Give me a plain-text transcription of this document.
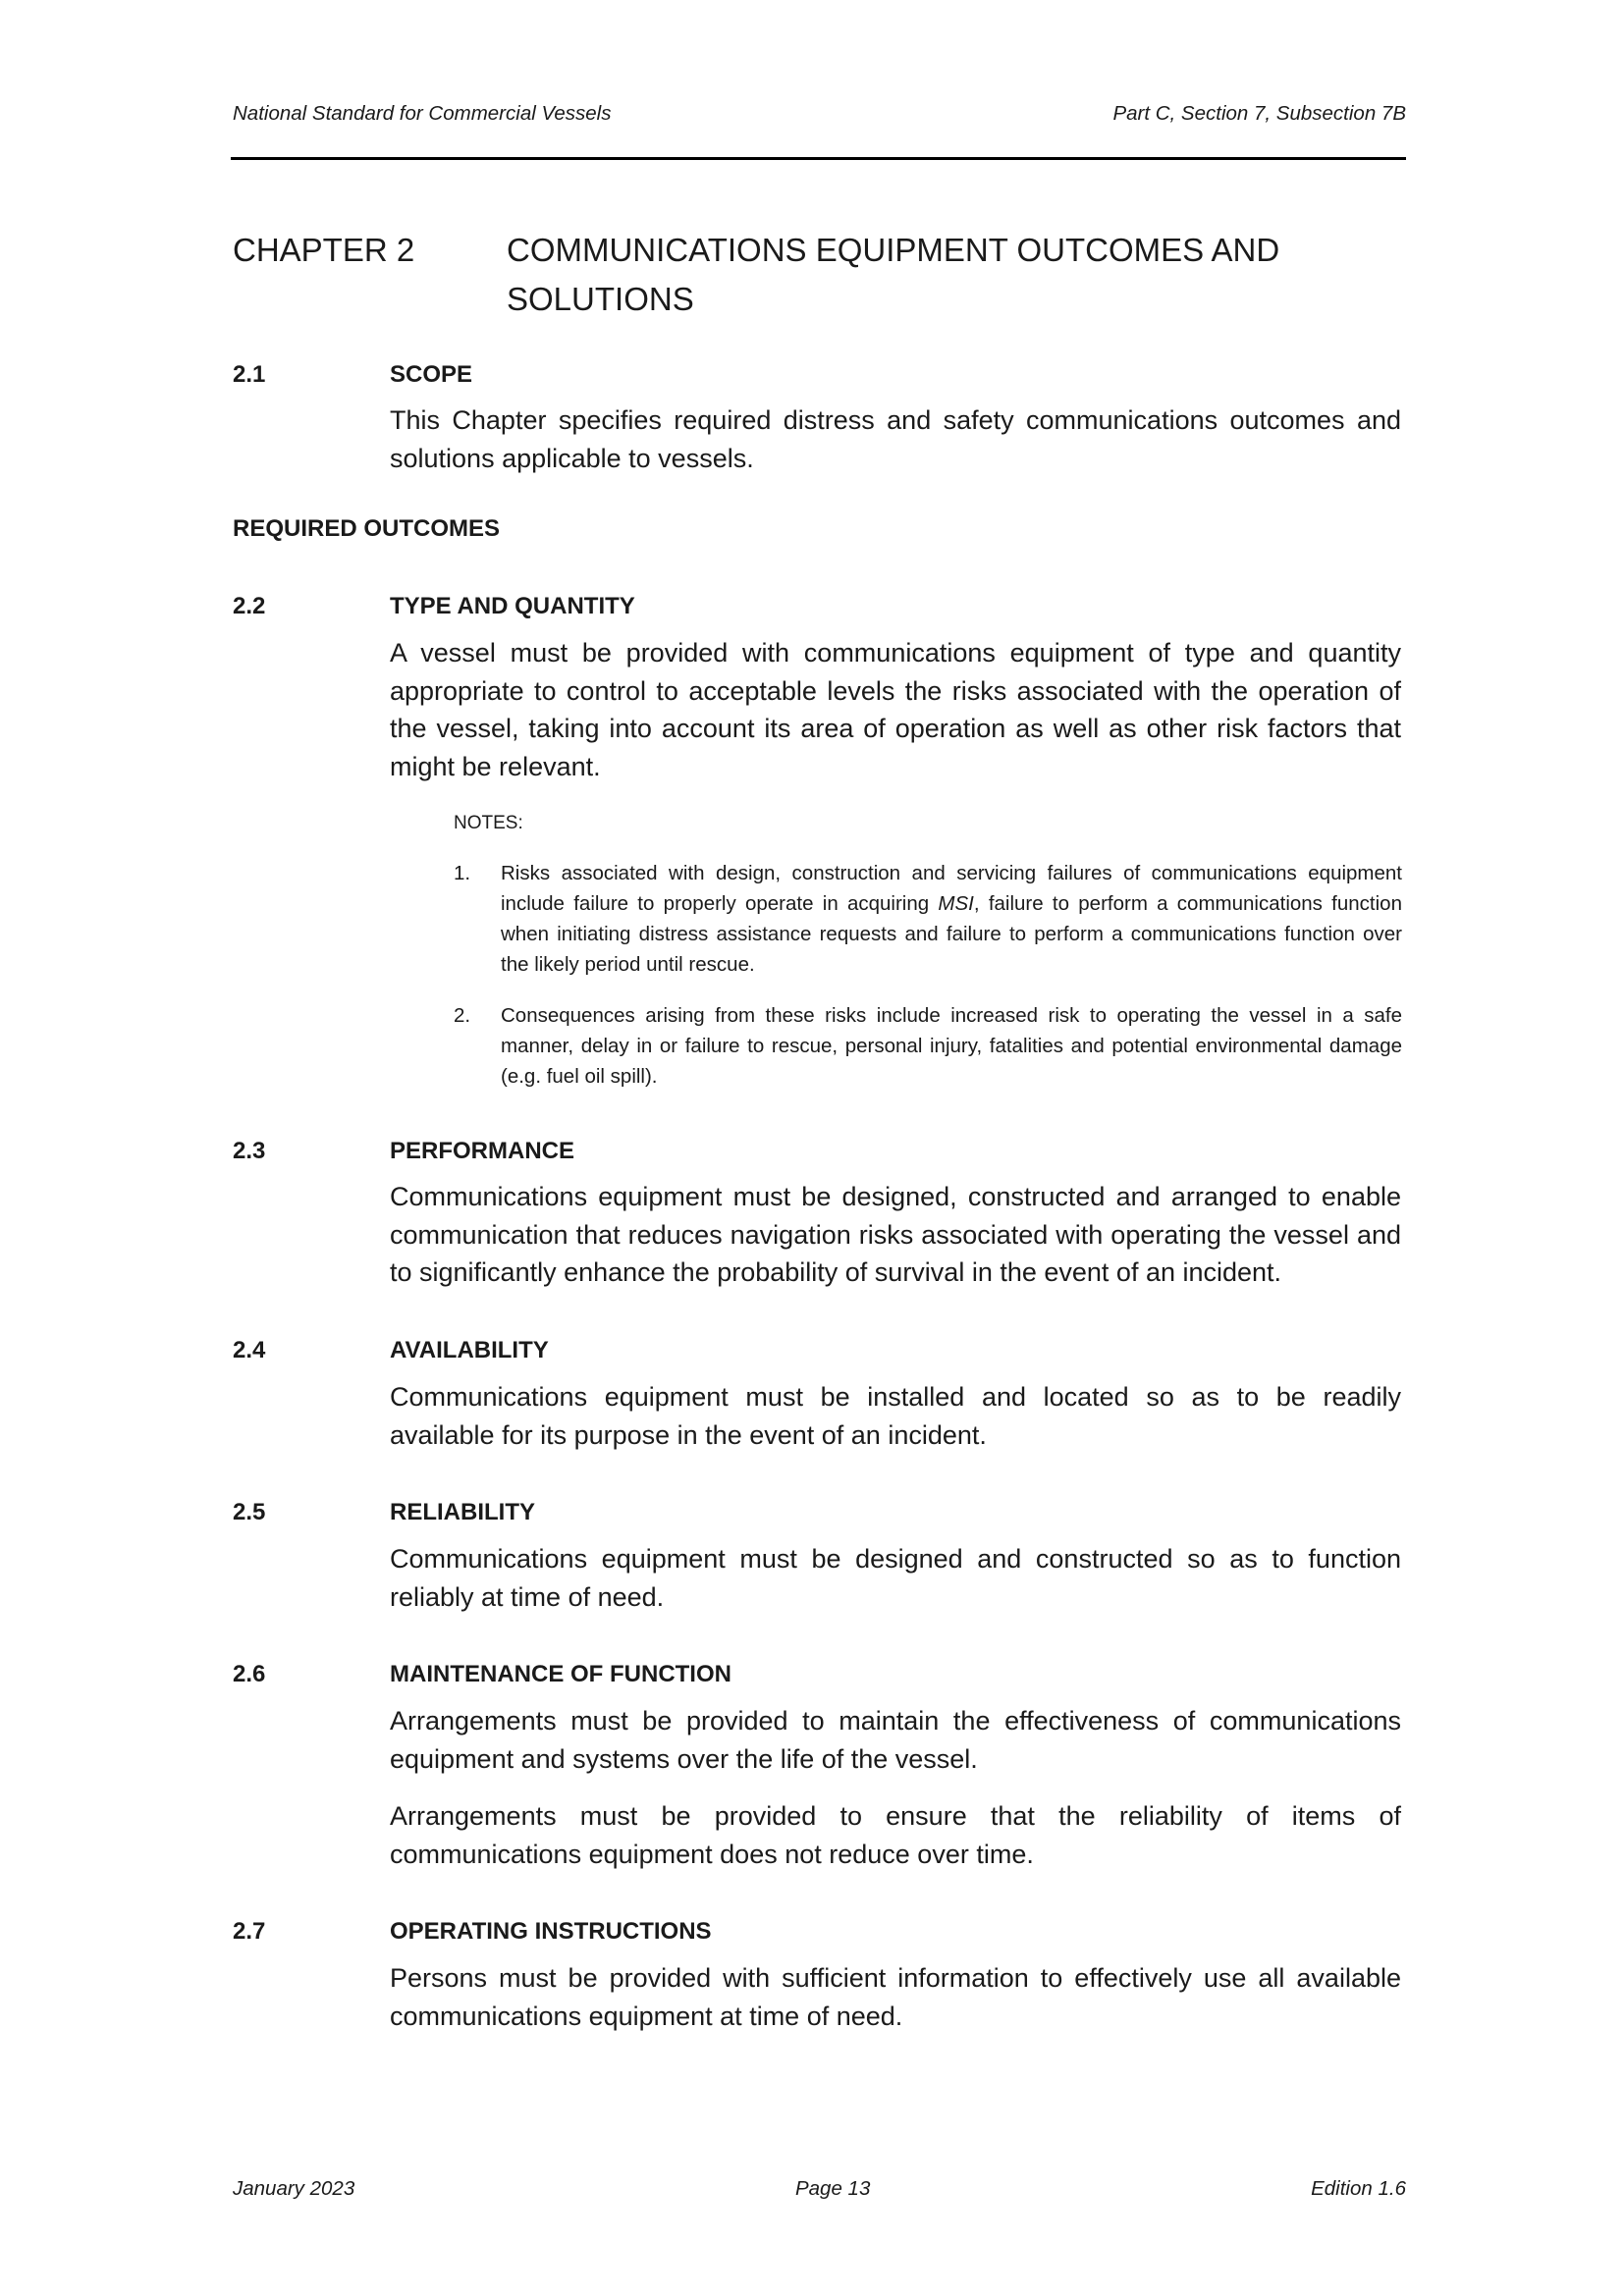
National Standard for Commercial Vessels	Part C, Section 7, Subsection 7B
CHAPTER 2	COMMUNICATIONS EQUIPMENT OUTCOMES AND SOLUTIONS
2.1	SCOPE
This Chapter specifies required distress and safety communications outcomes and solutions applicable to vessels.
REQUIRED OUTCOMES
2.2	TYPE AND QUANTITY
A vessel must be provided with communications equipment of type and quantity appropriate to control to acceptable levels the risks associated with the operation of the vessel, taking into account its area of operation as well as other risk factors that might be relevant.
NOTES:
1. Risks associated with design, construction and servicing failures of communications equipment include failure to properly operate in acquiring MSI, failure to perform a communications function when initiating distress assistance requests and failure to perform a communications function over the likely period until rescue.
2. Consequences arising from these risks include increased risk to operating the vessel in a safe manner, delay in or failure to rescue, personal injury, fatalities and potential environmental damage (e.g. fuel oil spill).
2.3	PERFORMANCE
Communications equipment must be designed, constructed and arranged to enable communication that reduces navigation risks associated with operating the vessel and to significantly enhance the probability of survival in the event of an incident.
2.4	AVAILABILITY
Communications equipment must be installed and located so as to be readily available for its purpose in the event of an incident.
2.5	RELIABILITY
Communications equipment must be designed and constructed so as to function reliably at time of need.
2.6	MAINTENANCE OF FUNCTION
Arrangements must be provided to maintain the effectiveness of communications equipment and systems over the life of the vessel.
Arrangements must be provided to ensure that the reliability of items of communications equipment does not reduce over time.
2.7	OPERATING INSTRUCTIONS
Persons must be provided with sufficient information to effectively use all available communications equipment at time of need.
January 2023	Page 13	Edition 1.6
